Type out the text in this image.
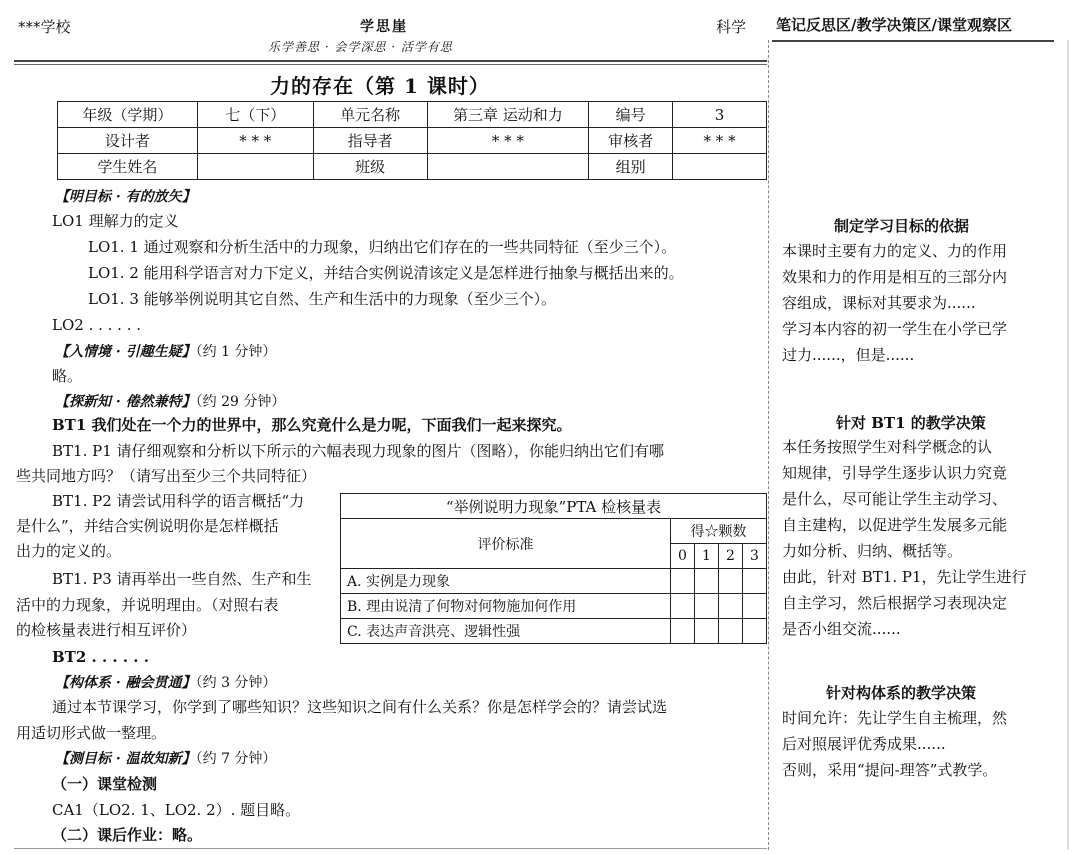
***学校	学思崖
乐学善思 · 会学深思 · 活学有思
科学 笔记反思区/教学决策区/课堂观察区
力的存在（第 1 课时）
年级（学期）	七（下）	单元名称	第三章 运动和力	编号	3
设计者	* * *	指导者	* * *	审核者	* * *
学生姓名		班级		组别	
【明目标 · 有的放矢】
LO1 理解力的定义
LO1. 1 通过观察和分析生活中的力现象，归纳出它们存在的一些共同特征（至少三个）。
LO1. 2 能用科学语言对力下定义，并结合实例说清该定义是怎样进行抽象与概括出来的。
LO1. 3 能够举例说明其它自然、生产和生活中的力现象（至少三个）。
LO2 . . . . . .
【入情境 · 引趣生疑】（约 1 分钟）
略。
【探新知 · 倦然兼特】（约 29 分钟）
BT1 我们处在一个力的世界中，那么究竟什么是力呢，下面我们一起来探究。
BT1. P1 请仔细观察和分析以下所示的六幅表现力现象的图片（图略），你能归纳出它们有哪
些共同地方吗？（请写出至少三个共同特征）
BT1. P2 请尝试用科学的语言概括“力
是什么”，并结合实例说明你是怎样概括
出力的定义的。
BT1. P3 请再举出一些自然、生产和生
活中的力现象，并说明理由。（对照右表
的检核量表进行相互评价）
BT2 . . . . . .
“举例说明力现象”PTA 检核量表				
评价标准	得☆颗数			
	0	1	2	3
A. 实例是力现象				
B. 理由说清了何物对何物施加何作用				
C. 表达声音洪亮、逻辑性强				
【构体系 · 融会贯通】（约 3 分钟）
通过本节课学习，你学到了哪些知识？这些知识之间有什么关系？你是怎样学会的？请尝试选
用适切形式做一整理。
【测目标 · 温故知新】（约 7 分钟）
（一）课堂检测
CA1（LO2. 1、LO2. 2）. 题目略。
（二）课后作业：略。
制定学习目标的依据
本课时主要有力的定义、力的作用
效果和力的作用是相互的三部分内
容组成，课标对其要求为......
学习本内容的初一学生在小学已学
过力......，但是......
针对 BT1 的教学决策
本任务按照学生对科学概念的认
知规律，引导学生逐步认识力究竟
是什么，尽可能让学生主动学习、
自主建构，以促进学生发展多元能
力如分析、归纳、概括等。
由此，针对 BT1. P1，先让学生进行
自主学习，然后根据学习表现决定
是否小组交流......
针对构体系的教学决策
时间允许：先让学生自主梳理，然
后对照展评优秀成果......
否则，采用“提问-理答”式教学。
